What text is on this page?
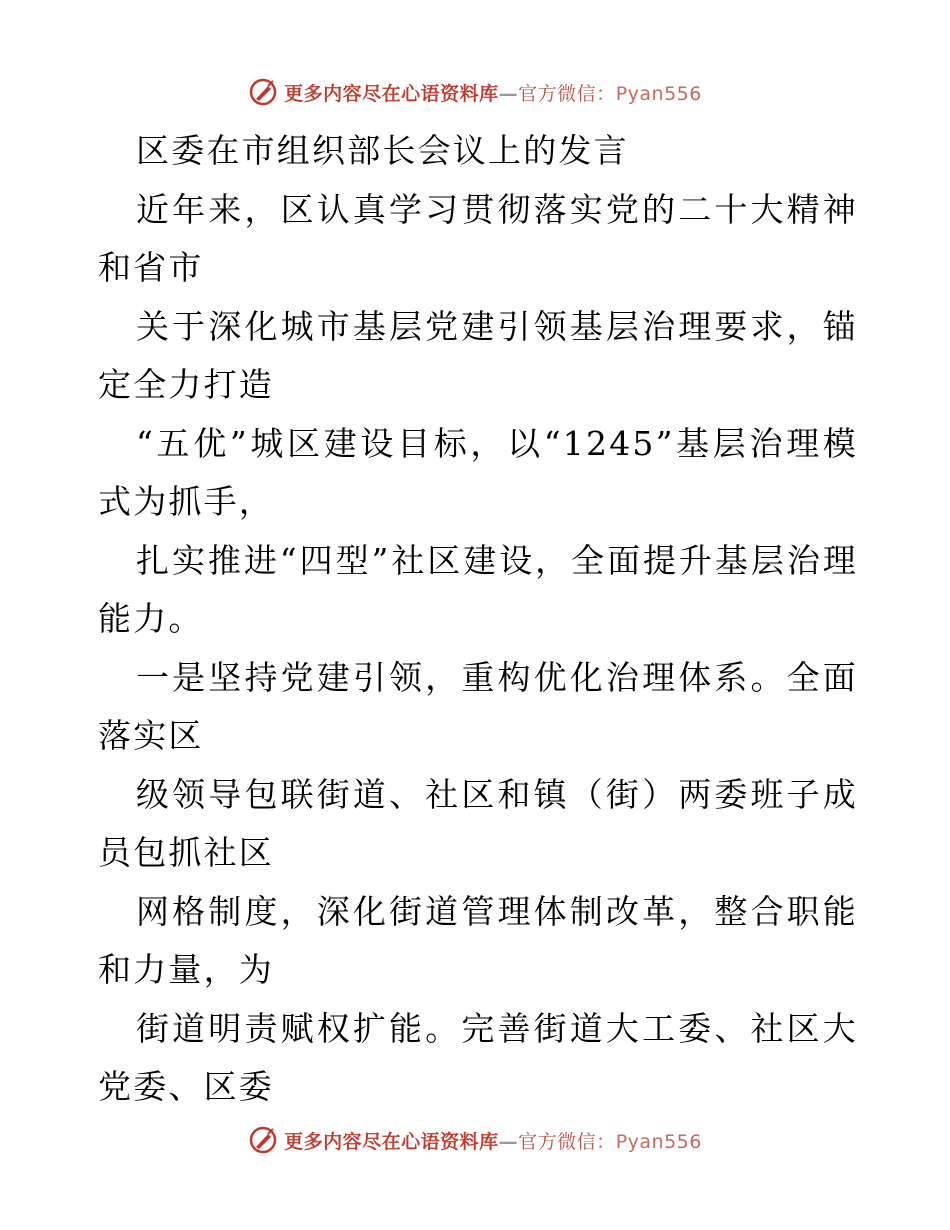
更多内容尽在心语资料库—官方微信：Pyan556

区委在市组织部长会议上的发言

近年来，区认真学习贯彻落实党的二十大精神和省市

关于深化城市基层党建引领基层治理要求，锚定全力打造

“五优”城区建设目标，以“1245”基层治理模式为抓手，

扎实推进“四型”社区建设，全面提升基层治理能力。

一是坚持党建引领，重构优化治理体系。全面落实区

级领导包联街道、社区和镇（街）两委班子成员包抓社区

网格制度，深化街道管理体制改革，整合职能和力量，为

街道明责赋权扩能。完善街道大工委、社区大党委、区委

更多内容尽在心语资料库—官方微信：Pyan556
